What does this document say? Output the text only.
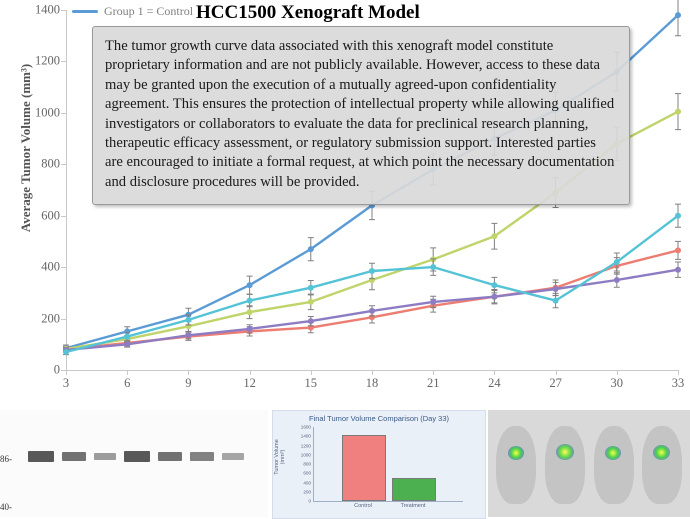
HCC1500 Xenograft Model
Average Tumor Volume (mm³)
0
200
400
600
800
1000
1200
1400
3	6	9	12	15	18	21	24	27	30	33
Group 1 = Control
The tumor growth curve data associated with this xenograft model constitute proprietary information and are not publicly available. However, access to these data may be granted upon the execution of a mutually agreed-upon confidentiality agreement. This ensures the protection of intellectual property while allowing qualified investigators or collaborators to evaluate the data for preclinical research planning, therapeutic efficacy assessment, or regulatory submission support. Interested parties are encouraged to initiate a formal request, at which point the necessary documentation and disclosure procedures will be provided.
86-
40-
Final Tumor Volume Comparison (Day 33)
Tumor Volume (mm³)
1600
1400
1200
1000
800
600
400
200
0
Control	Treatment
